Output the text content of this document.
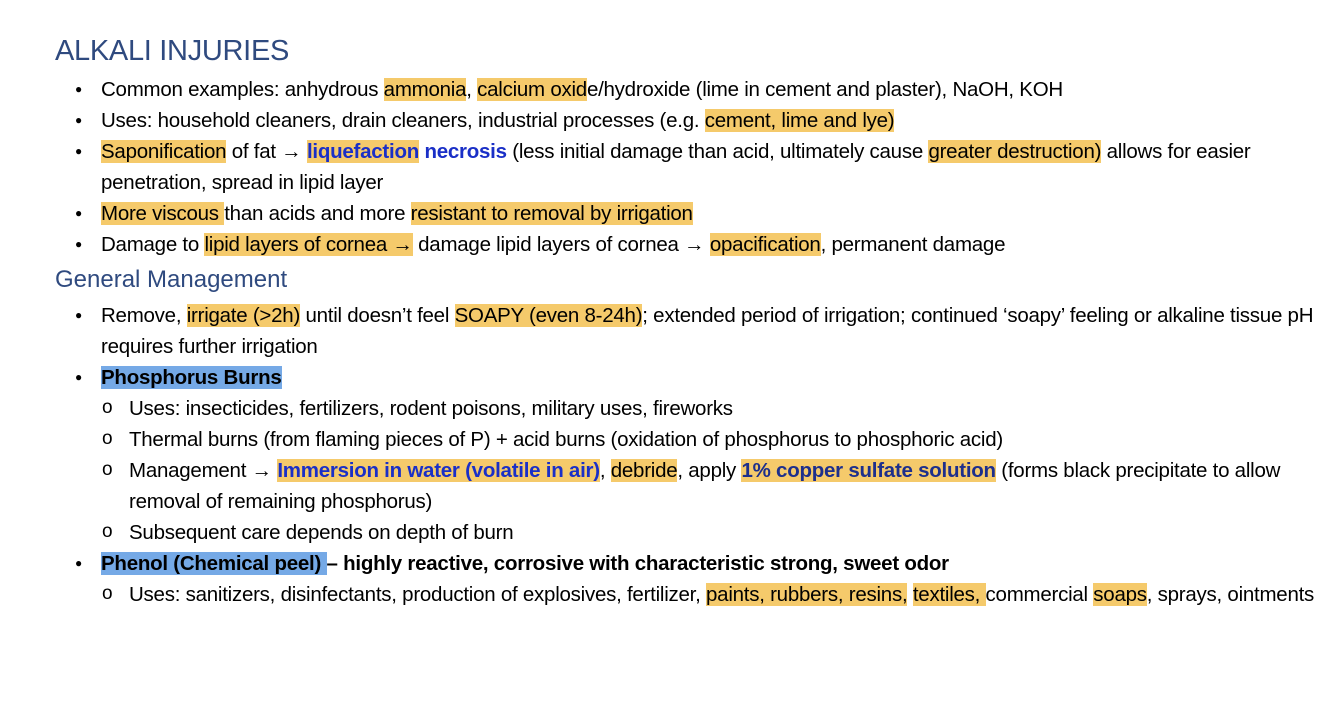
ALKALI INJURIES
● Common examples: anhydrous ammonia, calcium oxide/hydroxide (lime in cement and plaster), NaOH, KOH
● Uses: household cleaners, drain cleaners, industrial processes (e.g. cement, lime and lye)
● Saponification of fat → liquefaction necrosis (less initial damage than acid, ultimately cause greater destruction) allows for easier penetration, spread in lipid layer
● More viscous than acids and more resistant to removal by irrigation
● Damage to lipid layers of cornea → damage lipid layers of cornea → opacification, permanent damage
General Management
● Remove, irrigate (>2h) until doesn’t feel SOAPY (even 8-24h); extended period of irrigation; continued ‘soapy’ feeling or alkaline tissue pH requires further irrigation
● Phosphorus Burns
o Uses: insecticides, fertilizers, rodent poisons, military uses, fireworks
o Thermal burns (from flaming pieces of P) + acid burns (oxidation of phosphorus to phosphoric acid)
o Management → Immersion in water (volatile in air), debride, apply 1% copper sulfate solution (forms black precipitate to allow removal of remaining phosphorus)
o Subsequent care depends on depth of burn
● Phenol (Chemical peel) – highly reactive, corrosive with characteristic strong, sweet odor
o Uses: sanitizers, disinfectants, production of explosives, fertilizer, paints, rubbers, resins, textiles, commercial soaps, sprays, ointments
